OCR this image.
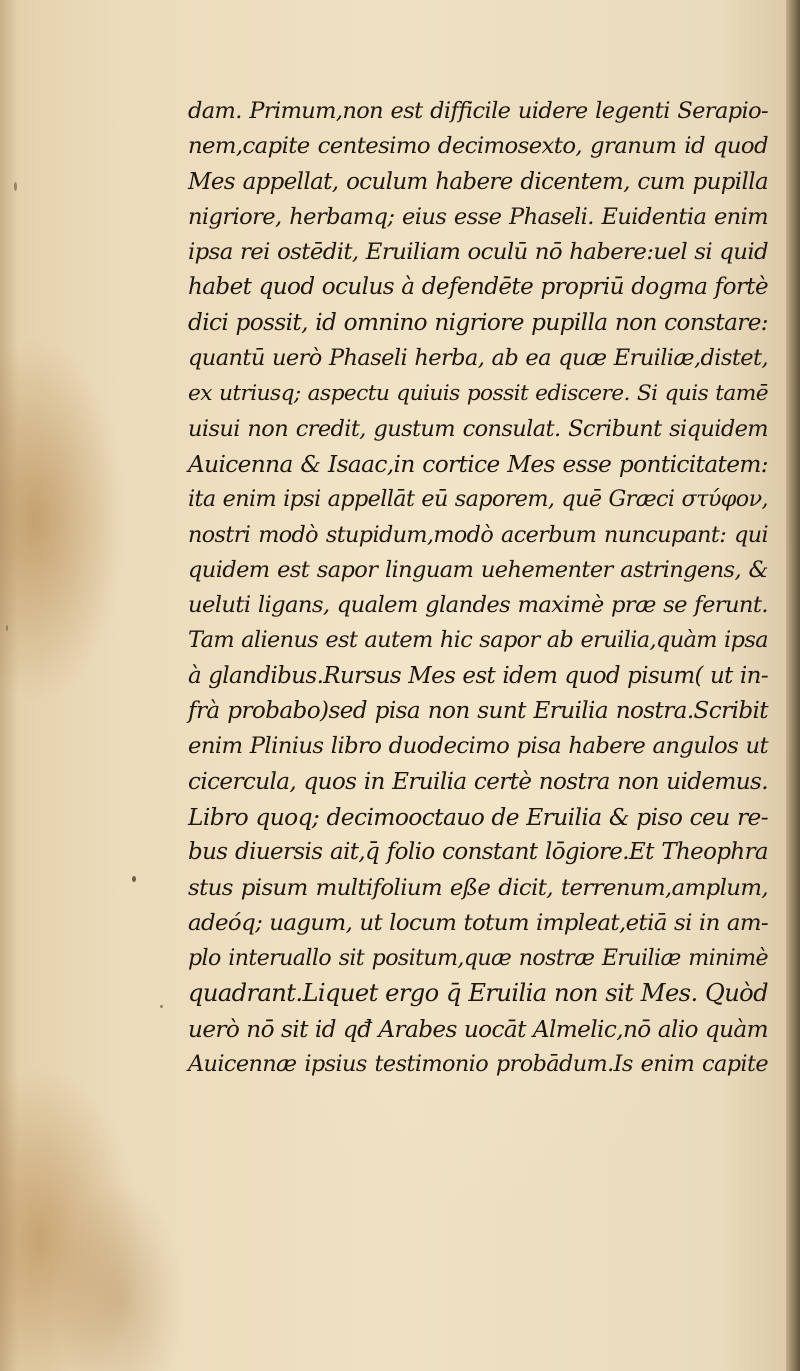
dam. Primum,non est difficile uidere legenti Serapio-
nem,capite centesimo decimosexto, granum id quod
Mes appellat, oculum habere dicentem, cum pupilla
nigriore, herbamq; eius esse Phaseli. Euidentia enim
ipsa rei ostēdit, Eruiliam oculū nō habere:uel si quid
habet quod oculus à defendēte propriū dogma fortè
dici possit, id omnino nigriore pupilla non constare:
quantū uerò Phaseli herba, ab ea quæ Eruiliæ,distet,
ex utriusq; aspectu quiuis possit ediscere. Si quis tamē
uisui non credit, gustum consulat. Scribunt siquidem
Auicenna & Isaac,in cortice Mes esse ponticitatem:
ita enim ipsi appellāt eū saporem, quē Græci στύφον,
nostri modò stupidum,modò acerbum nuncupant: qui
quidem est sapor linguam uehementer astringens, &
ueluti ligans, qualem glandes maximè præ se ferunt.
Tam alienus est autem hic sapor ab eruilia,quàm ipsa
à glandibus.Rursus Mes est idem quod pisum( ut in-
frà probabo)sed pisa non sunt Eruilia nostra.Scribit
enim Plinius libro duodecimo pisa habere angulos ut
cicercula, quos in Eruilia certè nostra non uidemus.
Libro quoq; decimooctauo de Eruilia & piso ceu re-
bus diuersis ait,q̄ folio constant lōgiore.Et Theophra
stus pisum multifolium eße dicit, terrenum,amplum,
adeóq; uagum, ut locum totum impleat,etiā si in am-
plo interuallo sit positum,quæ nostræ Eruiliæ minimè
quadrant.Liquet ergo q̄ Eruilia non sit Mes. Quòd
uerò nō sit id qđ Arabes uocāt Almelic,nō alio quàm
Auicennæ ipsius testimonio probādum.Is enim capite
